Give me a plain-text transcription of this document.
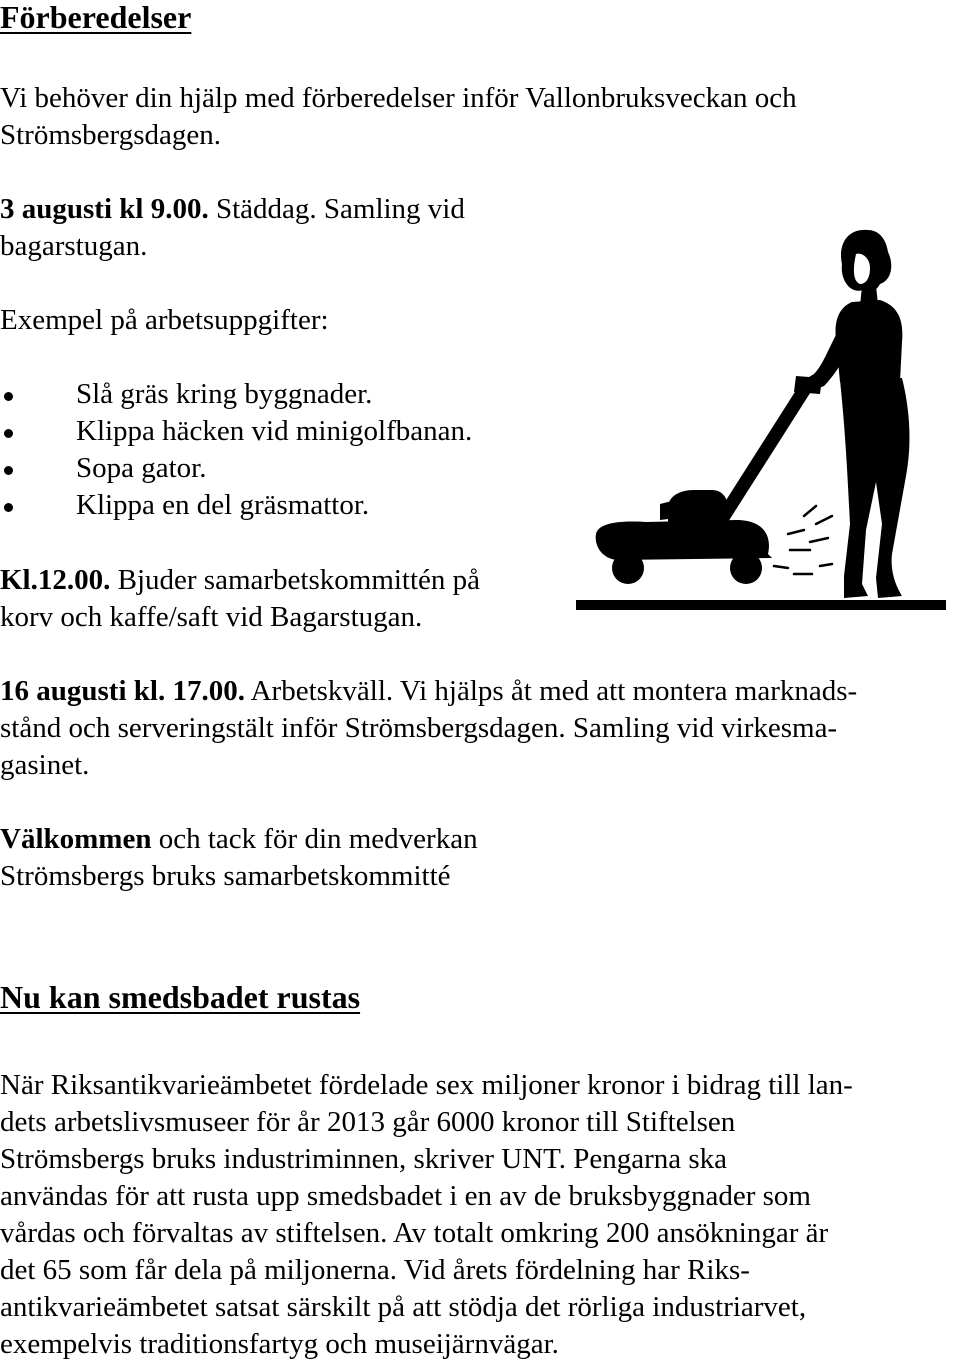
Förberedelser
Vi behöver din hjälp med förberedelser inför Vallonbruksveckan och
Strömsbergsdagen.
3 augusti kl 9.00. Städdag. Samling vid
bagarstugan.
Exempel på arbetsuppgifter:
Slå gräs kring byggnader.
Klippa häcken vid minigolfbanan.
Sopa gator.
Klippa en del gräsmattor.
Kl.12.00. Bjuder samarbetskommittén på
korv och kaffe/saft vid Bagarstugan.
16 augusti kl. 17.00. Arbetskväll. Vi hjälps åt med att montera marknads-
stånd och serveringstält inför Strömsbergsdagen. Samling vid virkesma-
gasinet.
Välkommen och tack för din medverkan
Strömsbergs bruks samarbetskommitté
Nu kan smedsbadet rustas
När Riksantikvarieämbetet fördelade sex miljoner kronor i bidrag till lan-
dets arbetslivsmuseer för år 2013 går 6000 kronor till Stiftelsen
Strömsbergs bruks industriminnen, skriver UNT. Pengarna ska
användas för att rusta upp smedsbadet i en av de bruksbyggnader som
vårdas och förvaltas av stiftelsen. Av totalt omkring 200 ansökningar är
det 65 som får dela på miljonerna. Vid årets fördelning har Riks-
antikvarieämbetet satsat särskilt på att stödja det rörliga industriarvet,
exempelvis traditionsfartyg och museijärnvägar.
